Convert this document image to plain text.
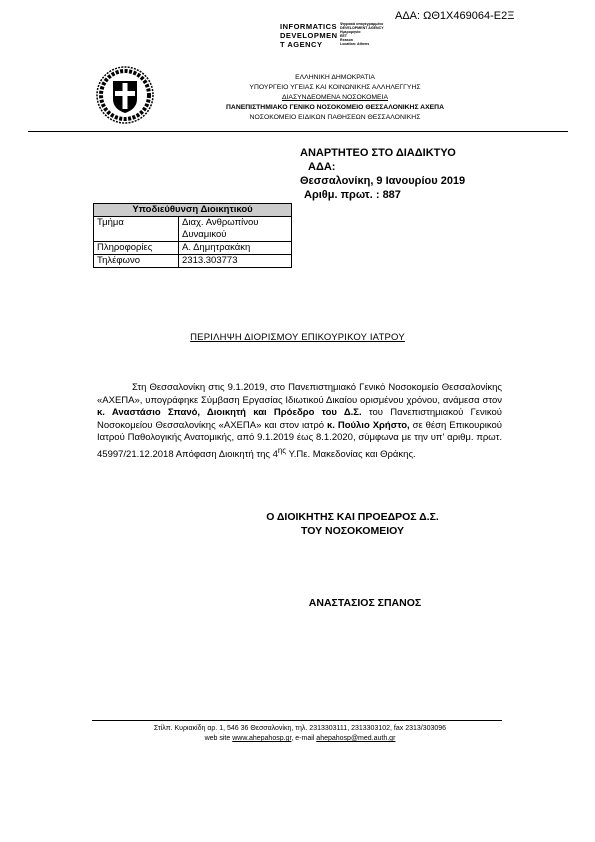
ΑΔΑ: ΩΘ1Χ469064-Ε2Ξ
INFORMATICS
DEVELOPMEN
T AGENCY
Ψηφιακά υπογεγραμμένο
DEVELOPMENT AGENCY
Ημερομηνία
ΕΕΤ
Reason
Location: Athens
ΕΛΛΗΝΙΚΗ ΔΗΜΟΚΡΑΤΙΑ
ΥΠΟΥΡΓΕΙΟ ΥΓΕΙΑΣ ΚΑΙ ΚΟΙΝΩΝΙΚΗΣ ΑΛΛΗΛΕΓΓΥΗΣ
ΔΙΑΣΥΝΔΕΟΜΕΝΑ ΝΟΣΟΚΟΜΕΙΑ
ΠΑΝΕΠΙΣΤΗΜΙΑΚΟ ΓΕΝΙΚΟ ΝΟΣΟΚΟΜΕΙΟ ΘΕΣΣΑΛΟΝΙΚΗΣ ΑΧΕΠΑ
ΝΟΣΟΚΟΜΕΙΟ ΕΙΔΙΚΩΝ ΠΑΘΗΣΕΩΝ ΘΕΣΣΑΛΟΝΙΚΗΣ
ΑΝΑΡΤΗΤΕΟ ΣΤΟ ΔΙΑΔΙΚΤΥΟ
ΑΔΑ:
Θεσσαλονίκη, 9 Ιανουρίου 2019
Αριθμ. πρωτ. : 887
Υποδιεύθυνση Διοικητικού	
Τμήμα	Διαχ. Ανθρωπίνου Δυναμικού
Πληροφορίες	Α. Δημητρακάκη
Τηλέφωνο	2313.303773
ΠΕΡΙΛΗΨΗ ΔΙΟΡΙΣΜΟΥ ΕΠΙΚΟΥΡΙΚΟΥ ΙΑΤΡΟΥ
Στη Θεσσαλονίκη στις 9.1.2019, στο Πανεπιστημιακό Γενικό Νοσοκομείο Θεσσαλονίκης «ΑΧΕΠΑ», υπογράφηκε Σύμβαση Εργασίας Ιδιωτικού Δικαίου ορισμένου χρόνου, ανάμεσα στον κ. Αναστάσιο Σπανό, Διοικητή και Πρόεδρο του Δ.Σ. του Πανεπιστημιακού Γενικού Νοσοκομείου Θεσσαλονίκης «ΑΧΕΠΑ» και στον ιατρό κ. Πούλιο Χρήστο, σε θέση Επικουρικού Ιατρού Παθολογικής Ανατομικής, από 9.1.2019 έως 8.1.2020, σύμφωνα με την υπ' αριθμ. πρωτ. 45997/21.12.2018 Απόφαση Διοικητή της $4^{\eta\varsigma}$ Υ.Πε. Μακεδονίας και Θράκης.
Ο ΔΙΟΙΚΗΤΗΣ ΚΑΙ ΠΡΟΕΔΡΟΣ Δ.Σ.
ΤΟΥ ΝΟΣΟΚΟΜΕΙΟΥ
ΑΝΑΣΤΑΣΙΟΣ ΣΠΑΝΟΣ
Στίλπ. Κυριακίδη αρ. 1, 546 36 Θεσσαλονίκη, τηλ. 2313303111, 2313303102, fax 2313/303096
web site www.ahepahosp.gr, e-mail ahepahosp@med.auth.gr
